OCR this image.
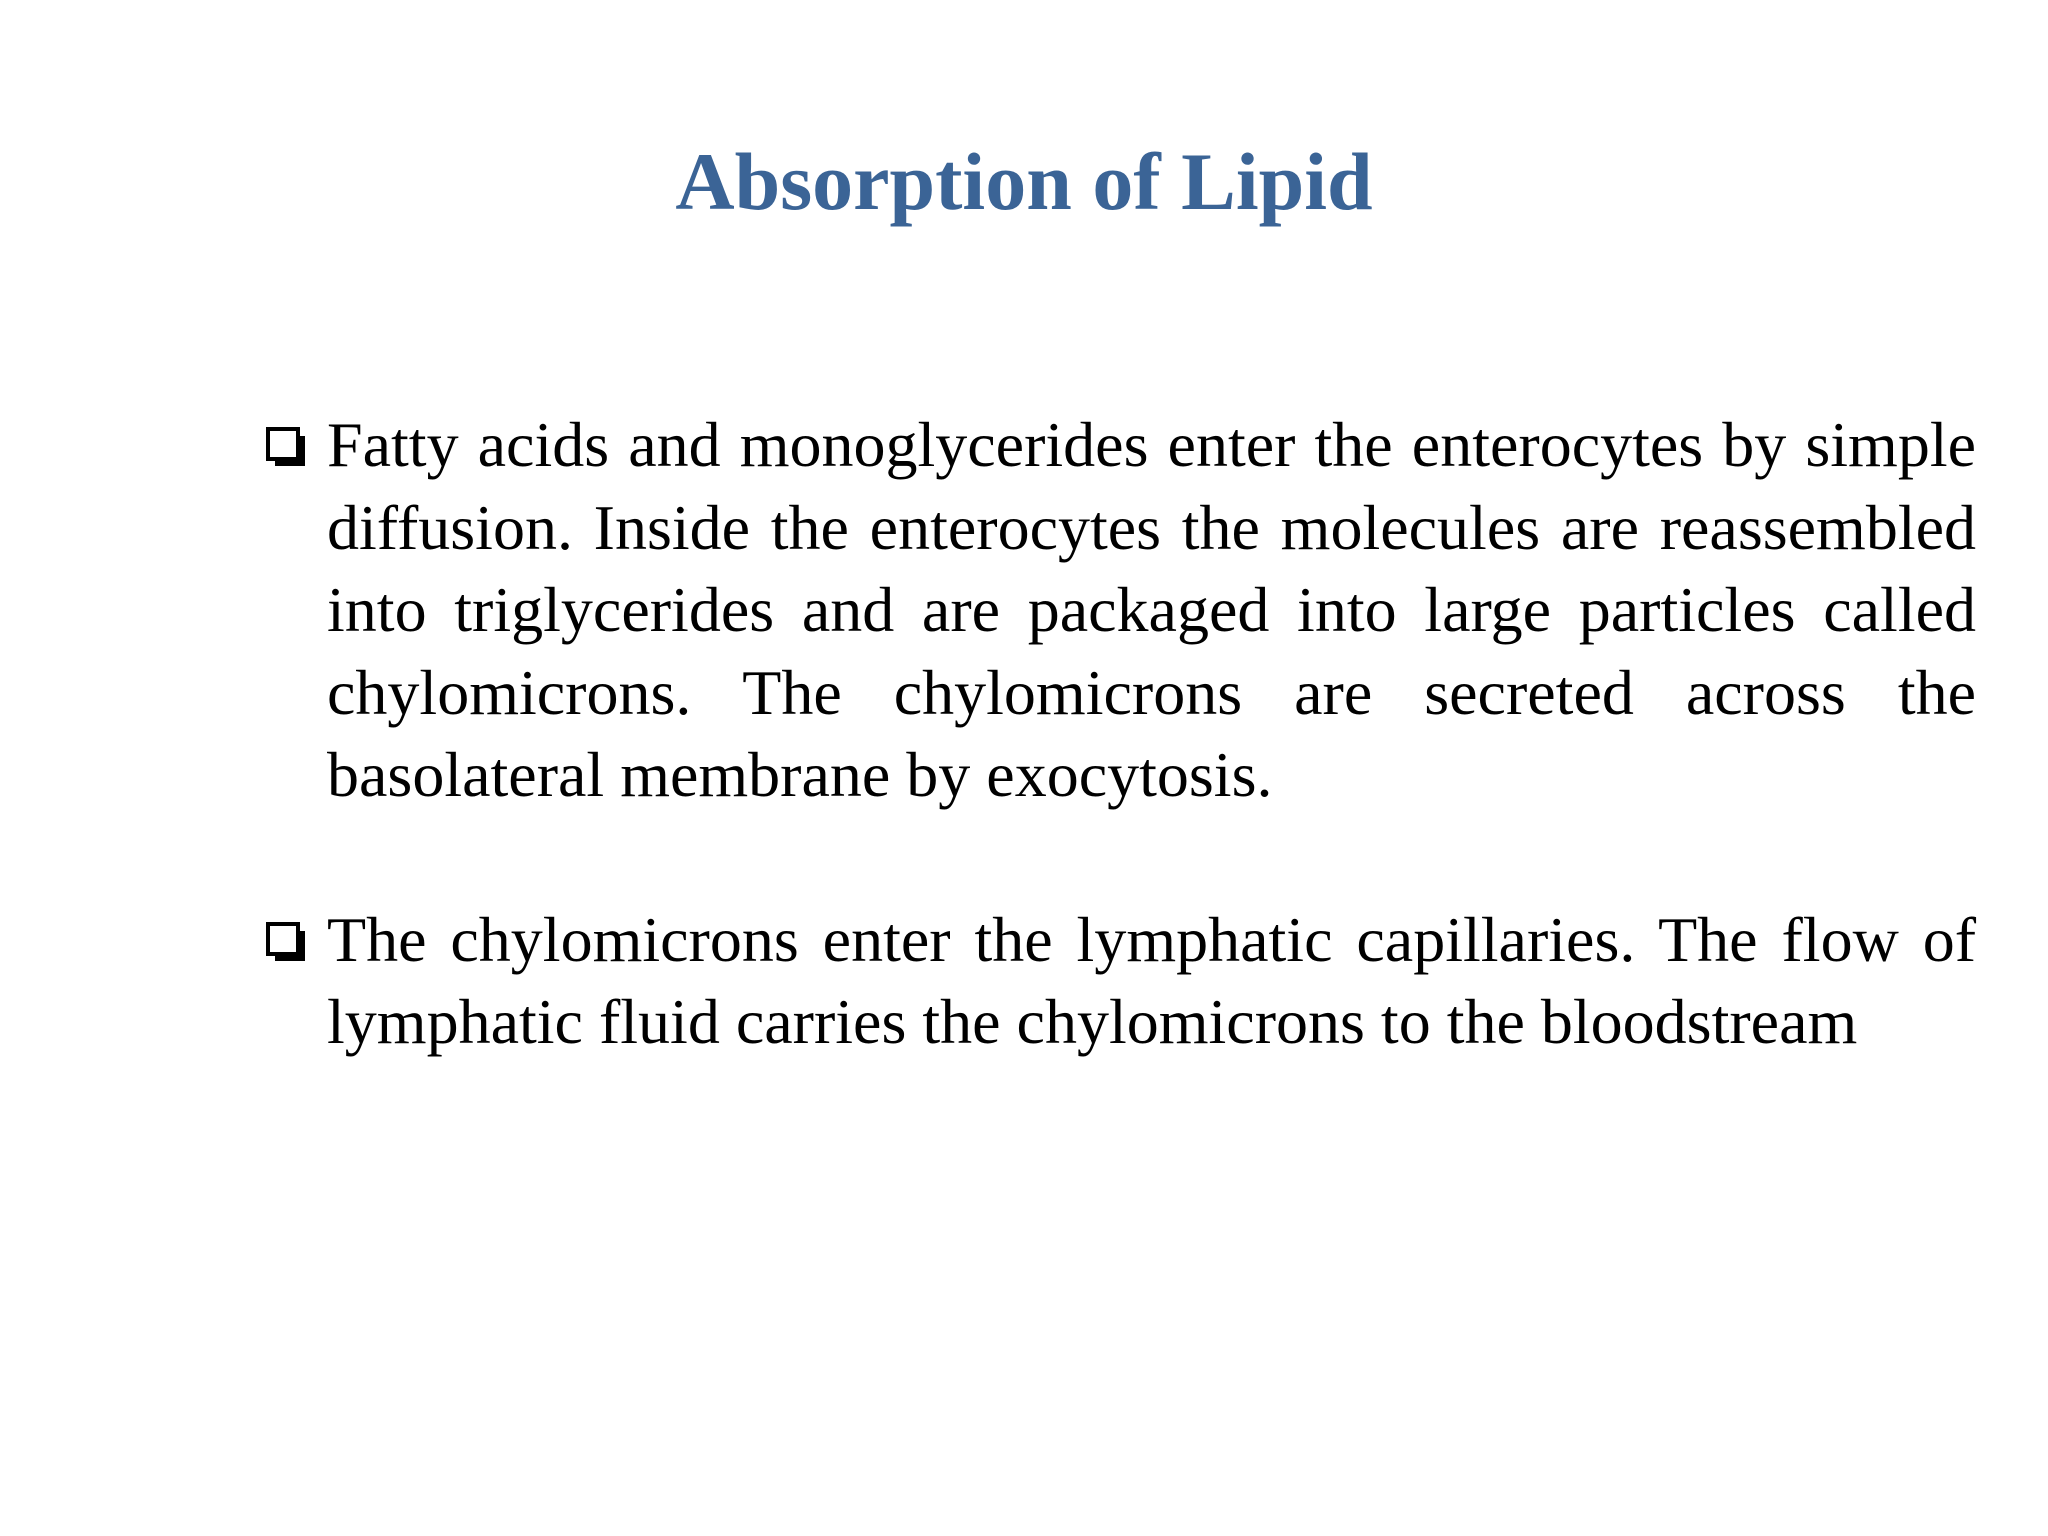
Absorption of Lipid
Fatty acids and monoglycerides enter the enterocytes by simple diffusion. Inside the enterocytes the molecules are reassembled into triglycerides and are packaged into large particles called chylomicrons. The chylomicrons are secreted across the basolateral membrane by exocytosis.
The chylomicrons enter the lymphatic capillaries. The flow of lymphatic fluid carries the chylomicrons to the bloodstream
